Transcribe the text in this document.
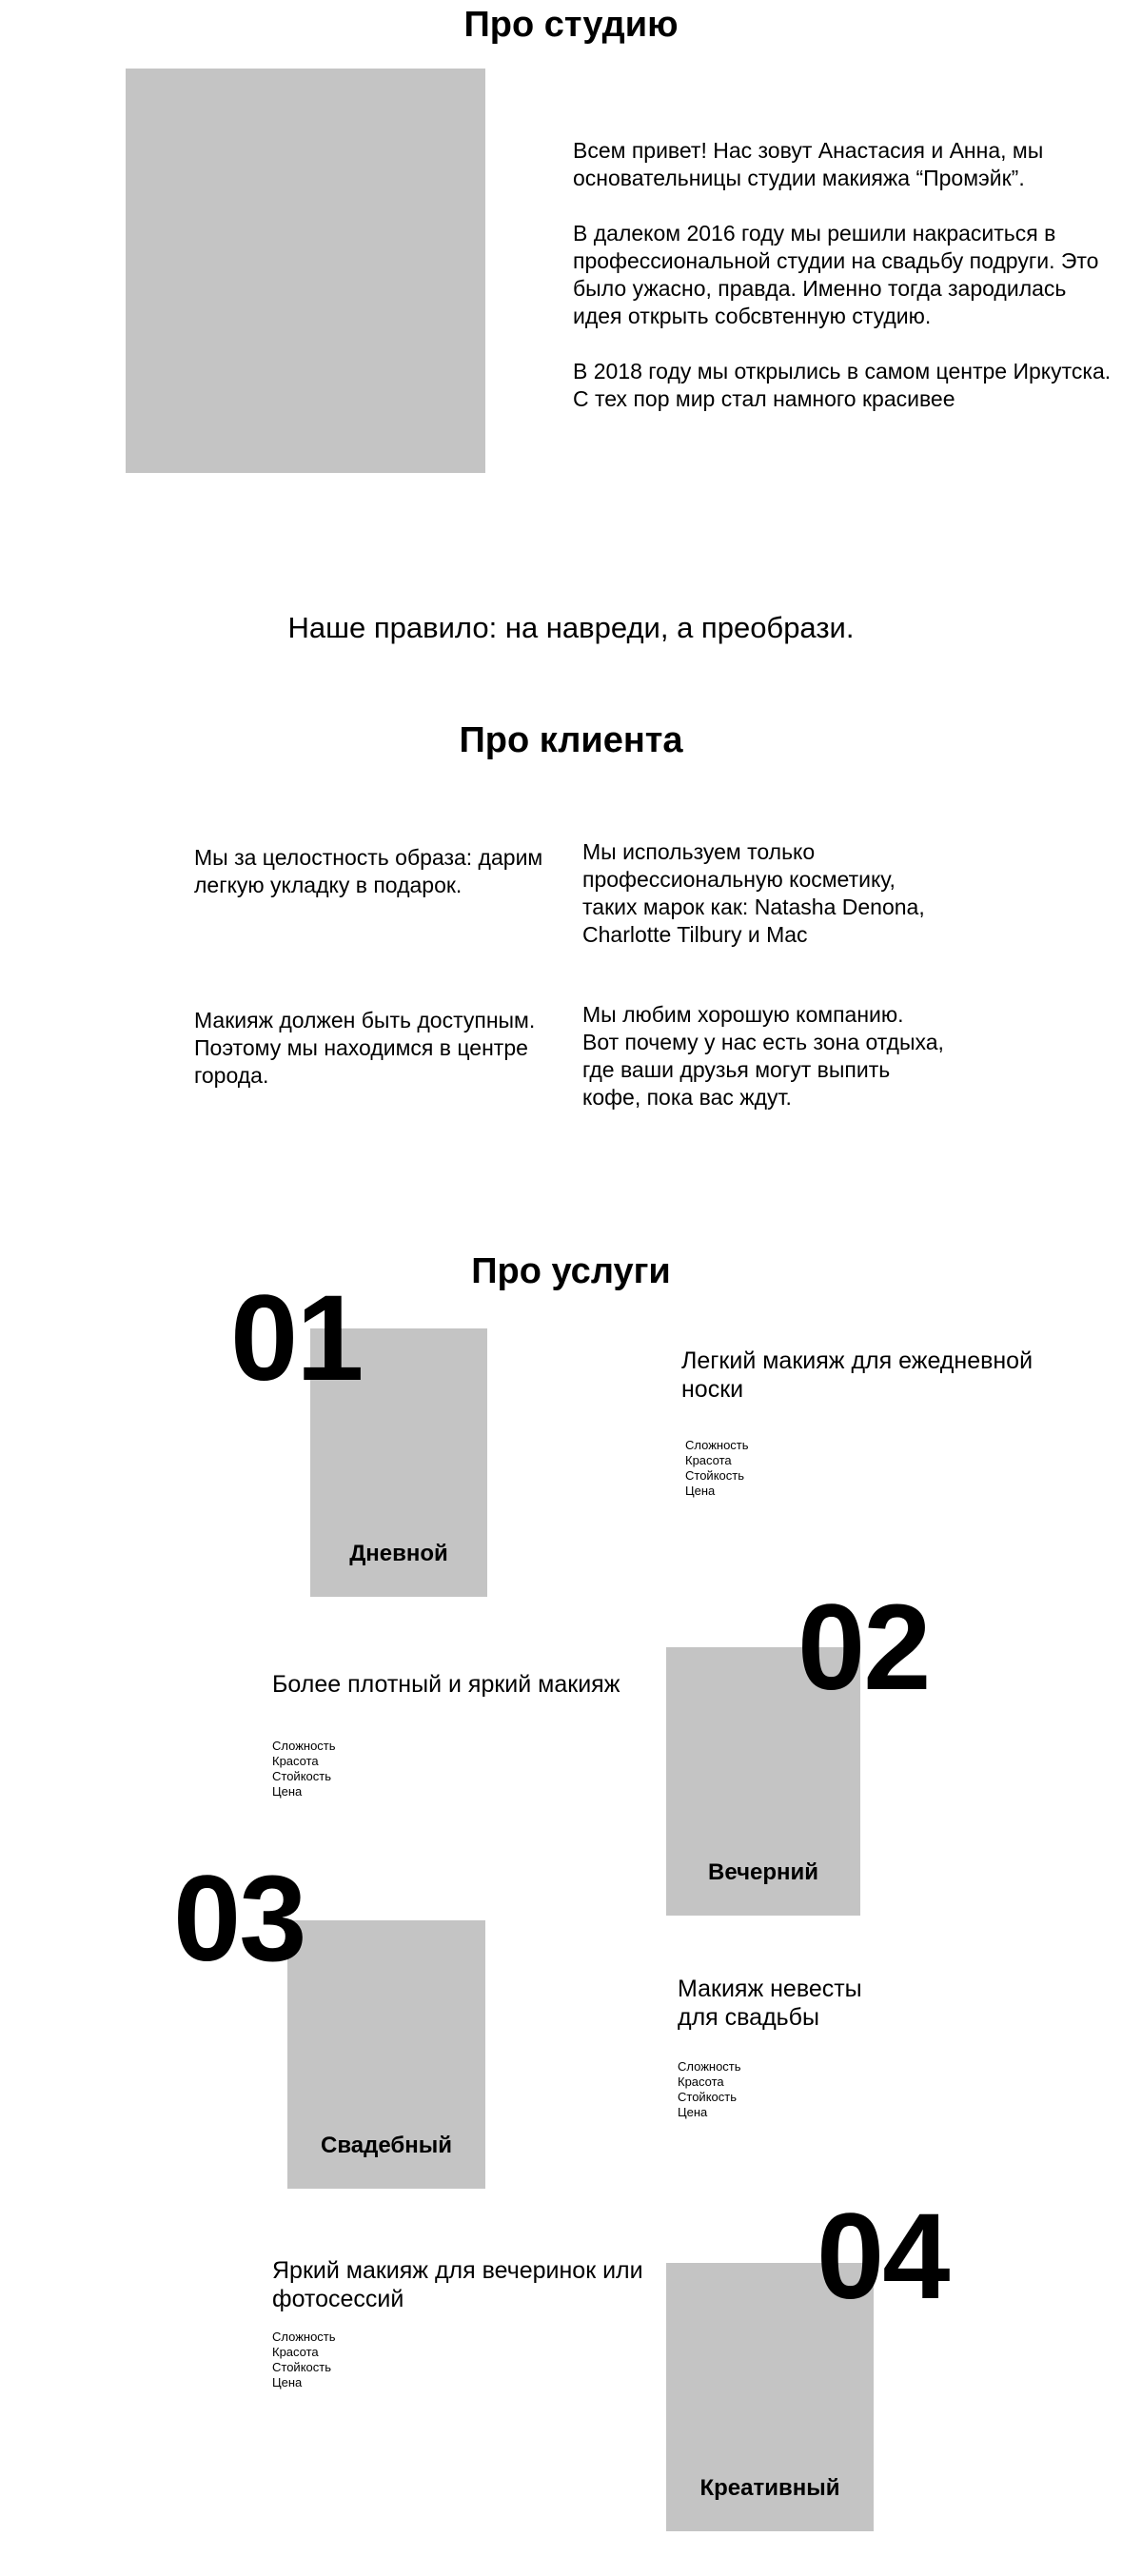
Про студию

Всем привет! Нас зовут Анастасия и Анна, мы основательницы студии макияжа “Промэйк”.

В далеком 2016 году мы решили накраситься в профессиональной студии на свадьбу подруги. Это было ужасно, правда. Именно тогда зародилась идея открыть собсвтенную студию.

В 2018 году мы открылись в самом центре Иркутска. С тех пор мир стал намного красивее

Наше правило: на навреди, а преобрази.
Про клиента

Мы за целостность образа: дарим легкую укладку в подарок.

Мы используем только профессиональную косметику, таких марок как: Natasha Denona, Charlotte Tilbury и Mac

Макияж должен быть доступным. Поэтому мы находимся в центре города.

Мы любим хорошую компанию. Вот почему у нас есть зона отдыха, где ваши друзья могут выпить кофе, пока вас ждут.

Про услуги
Дневной
01	Легкий макияж для ежедневной носки

Сложность
Красота
Стойкость
Цена
Вечерний
02

Более плотный и яркий макияж

Сложность
Красота
Стойкость
Цена
Свадебный
03

Макияж невесты для свадьбы

Сложность
Красота
Стойкость
Цена
Креативный
04

Яркий макияж для вечеринок или фотосессий

Сложность
Красота
Стойкость
Цена
